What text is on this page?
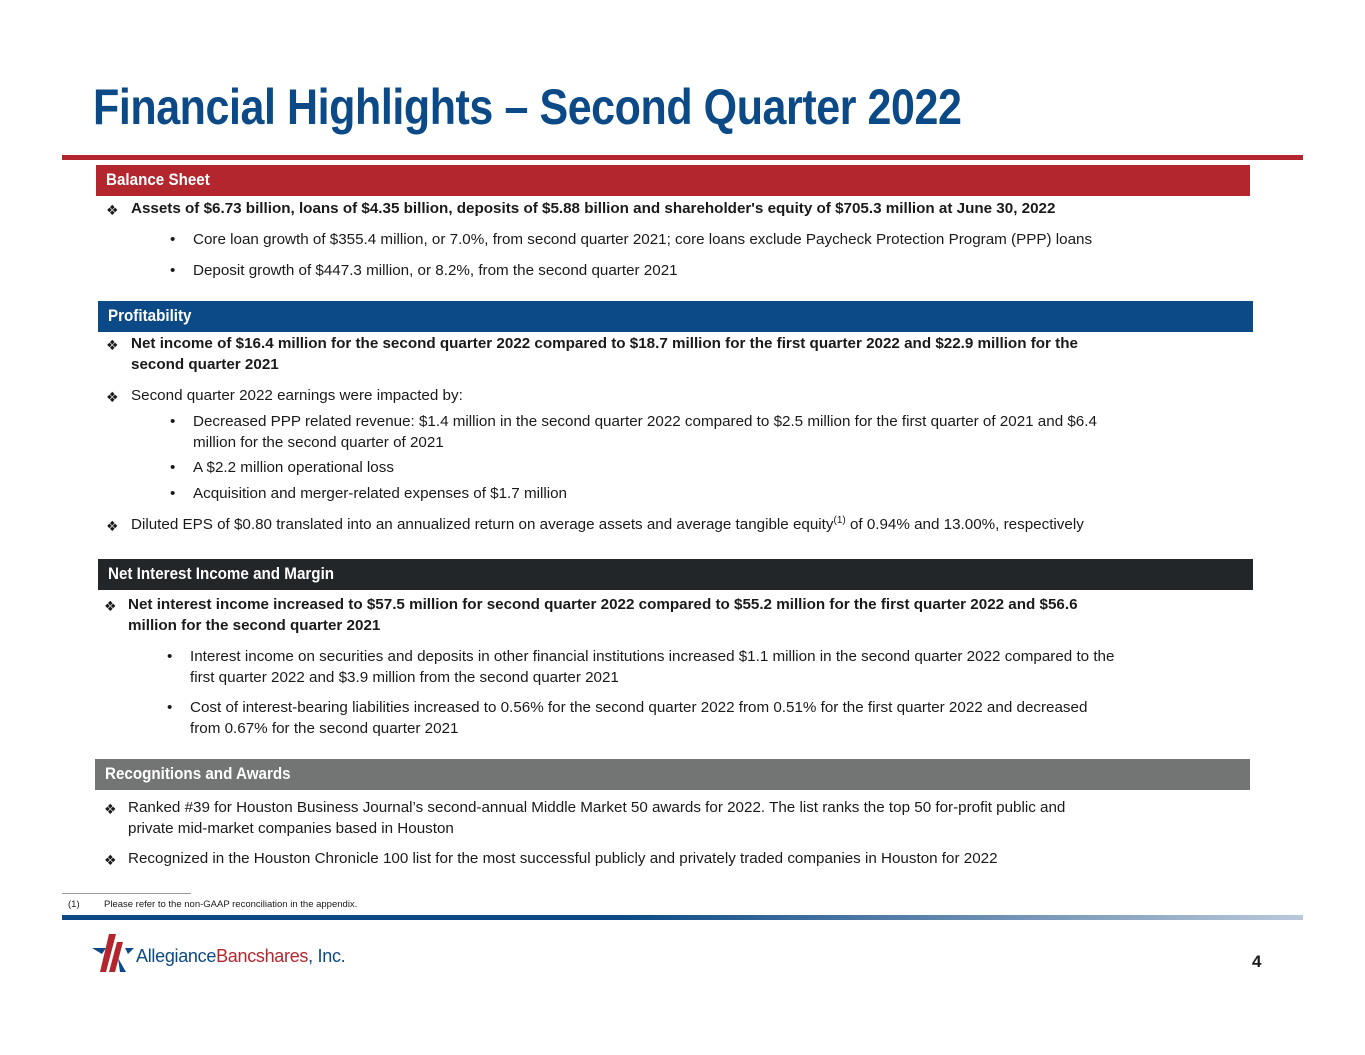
Financial Highlights – Second Quarter 2022
Balance Sheet
❖ Assets of $6.73 billion, loans of $4.35 billion, deposits of $5.88 billion and shareholder's equity of $705.3 million at June 30, 2022
• Core loan growth of $355.4 million, or 7.0%, from second quarter 2021; core loans exclude Paycheck Protection Program (PPP) loans
• Deposit growth of $447.3 million, or 8.2%, from the second quarter 2021
Profitability
❖ Net income of $16.4 million for the second quarter 2022 compared to $18.7 million for the first quarter 2022 and $22.9 million for the
second quarter 2021
❖ Second quarter 2022 earnings were impacted by:
• Decreased PPP related revenue: $1.4 million in the second quarter 2022 compared to $2.5 million for the first quarter of 2021 and $6.4
million for the second quarter of 2021
• A $2.2 million operational loss
• Acquisition and merger-related expenses of $1.7 million
❖ Diluted EPS of $0.80 translated into an annualized return on average assets and average tangible equity$^{(1)}$ of 0.94% and 13.00%, respectively
Net Interest Income and Margin
❖ Net interest income increased to $57.5 million for second quarter 2022 compared to $55.2 million for the first quarter 2022 and $56.6
million for the second quarter 2021
• Interest income on securities and deposits in other financial institutions increased $1.1 million in the second quarter 2022 compared to the
first quarter 2022 and $3.9 million from the second quarter 2021
• Cost of interest-bearing liabilities increased to 0.56% for the second quarter 2022 from 0.51% for the first quarter 2022 and decreased
from 0.67% for the second quarter 2021
Recognitions and Awards
❖ Ranked #39 for Houston Business Journal’s second-annual Middle Market 50 awards for 2022. The list ranks the top 50 for-profit public and
private mid-market companies based in Houston
❖ Recognized in the Houston Chronicle 100 list for the most successful publicly and privately traded companies in Houston for 2022
(1)	Please refer to the non-GAAP reconciliation in the appendix.
AllegianceBancshares, Inc.	4
